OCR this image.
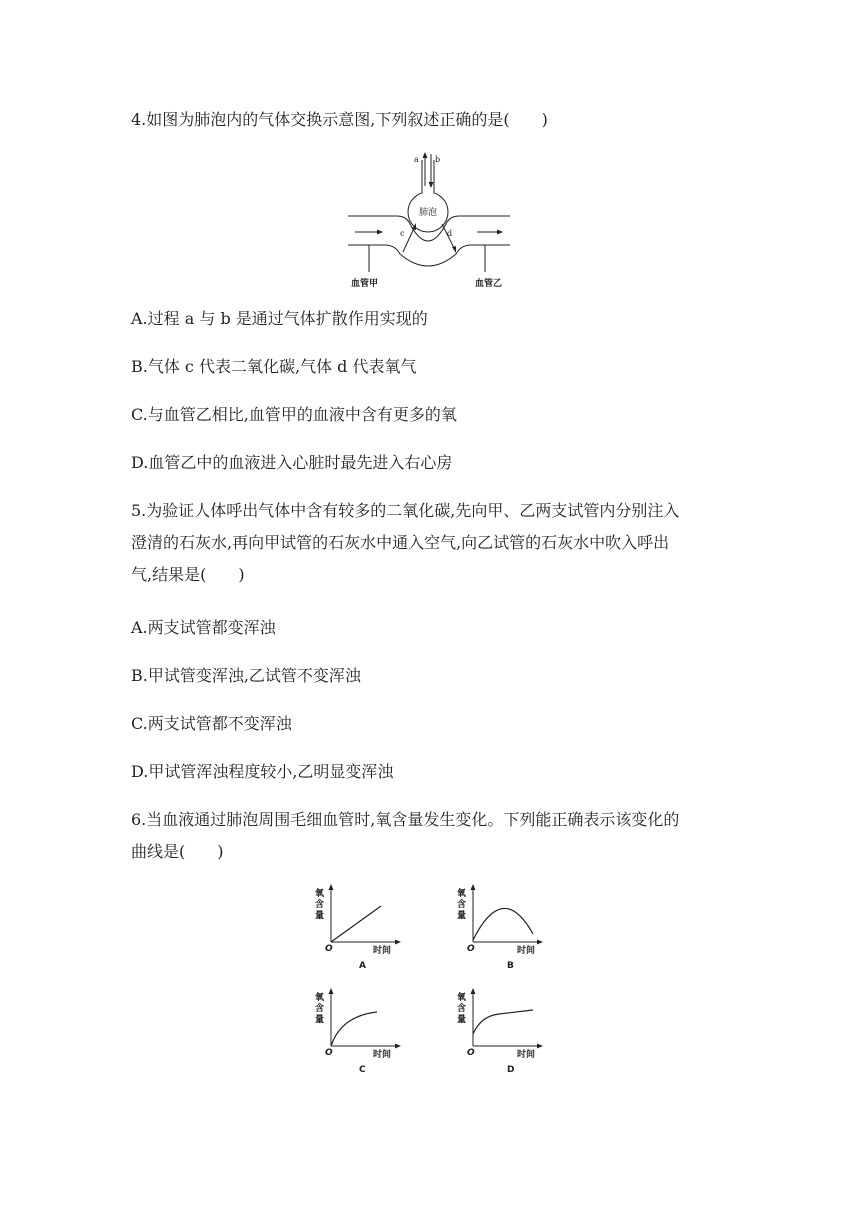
4.如图为肺泡内的气体交换示意图,下列叙述正确的是(　　)
a b
肺泡
c	d
血管甲	血管乙
A.过程 a 与 b 是通过气体扩散作用实现的
B.气体 c 代表二氧化碳,气体 d 代表氧气
C.与血管乙相比,血管甲的血液中含有更多的氧
D.血管乙中的血液进入心脏时最先进入右心房
5.为验证人体呼出气体中含有较多的二氧化碳,先向甲、乙两支试管内分别注入
澄清的石灰水,再向甲试管的石灰水中通入空气,向乙试管的石灰水中吹入呼出
气,结果是(　　)
A.两支试管都变浑浊
B.甲试管变浑浊,乙试管不变浑浊
C.两支试管都不变浑浊
D.甲试管浑浊程度较小,乙明显变浑浊
6.当血液通过肺泡周围毛细血管时,氧含量发生变化。下列能正确表示该变化的
曲线是(　　)
氧
含
量
O	时间
A
氧
含
量
O	时间
B
氧
含
量
O	时间
C
氧
含
量
O	时间
D
